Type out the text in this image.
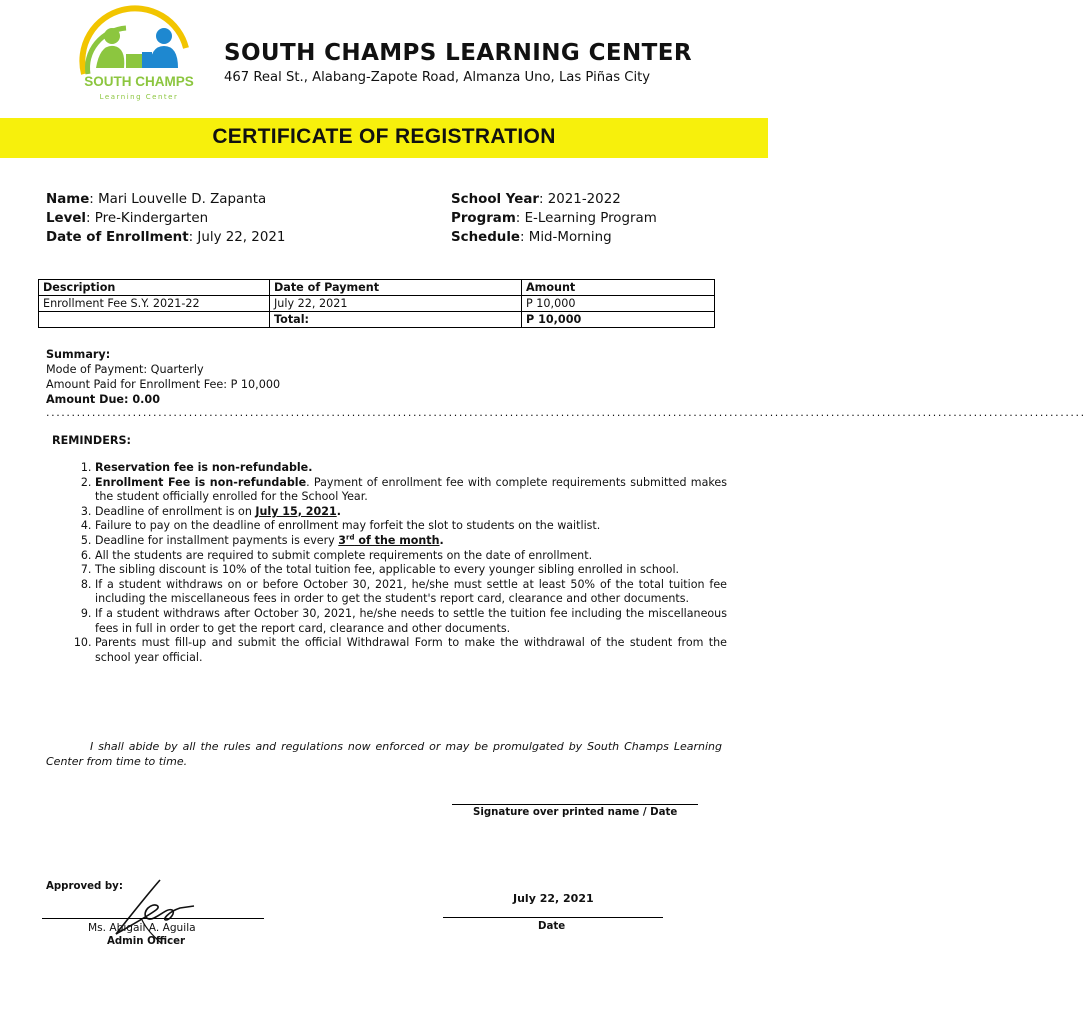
SOUTH CHAMPS
Learning Center
SOUTH CHAMPS LEARNING CENTER
467 Real St., Alabang-Zapote Road, Almanza Uno, Las Piñas City
CERTIFICATE OF REGISTRATION
Name: Mari Louvelle D. Zapanta
Level: Pre-Kindergarten
Date of Enrollment: July 22, 2021
School Year: 2021-2022
Program: E-Learning Program
Schedule: Mid-Morning
Description	Date of Payment	Amount
Enrollment Fee S.Y. 2021-22	July 22, 2021	P 10,000
	Total:	P 10,000
Summary:
Mode of Payment: Quarterly
Amount Paid for Enrollment Fee: P 10,000
Amount Due: 0.00
............................................................................................................................................................................................................
REMINDERS:
1. Reservation fee is non-refundable.
2. Enrollment Fee is non-refundable. Payment of enrollment fee with complete requirements submitted makes the student officially enrolled for the School Year.
3. Deadline of enrollment is on July 15, 2021.
4. Failure to pay on the deadline of enrollment may forfeit the slot to students on the waitlist.
5. Deadline for installment payments is every 3rd of the month.
6. All the students are required to submit complete requirements on the date of enrollment.
7. The sibling discount is 10% of the total tuition fee, applicable to every younger sibling enrolled in school.
8. If a student withdraws on or before October 30, 2021, he/she must settle at least 50% of the total tuition fee including the miscellaneous fees in order to get the student's report card, clearance and other documents.
9. If a student withdraws after October 30, 2021, he/she needs to settle the tuition fee including the miscellaneous fees in full in order to get the report card, clearance and other documents.
10. Parents must fill-up and submit the official Withdrawal Form to make the withdrawal of the student from the school year official.
I shall abide by all the rules and regulations now enforced or may be promulgated by South Champs Learning Center from time to time.
Signature over printed name / Date
Approved by:
Ms. Abigail A. Aguila
Admin Officer
July 22, 2021
Date
